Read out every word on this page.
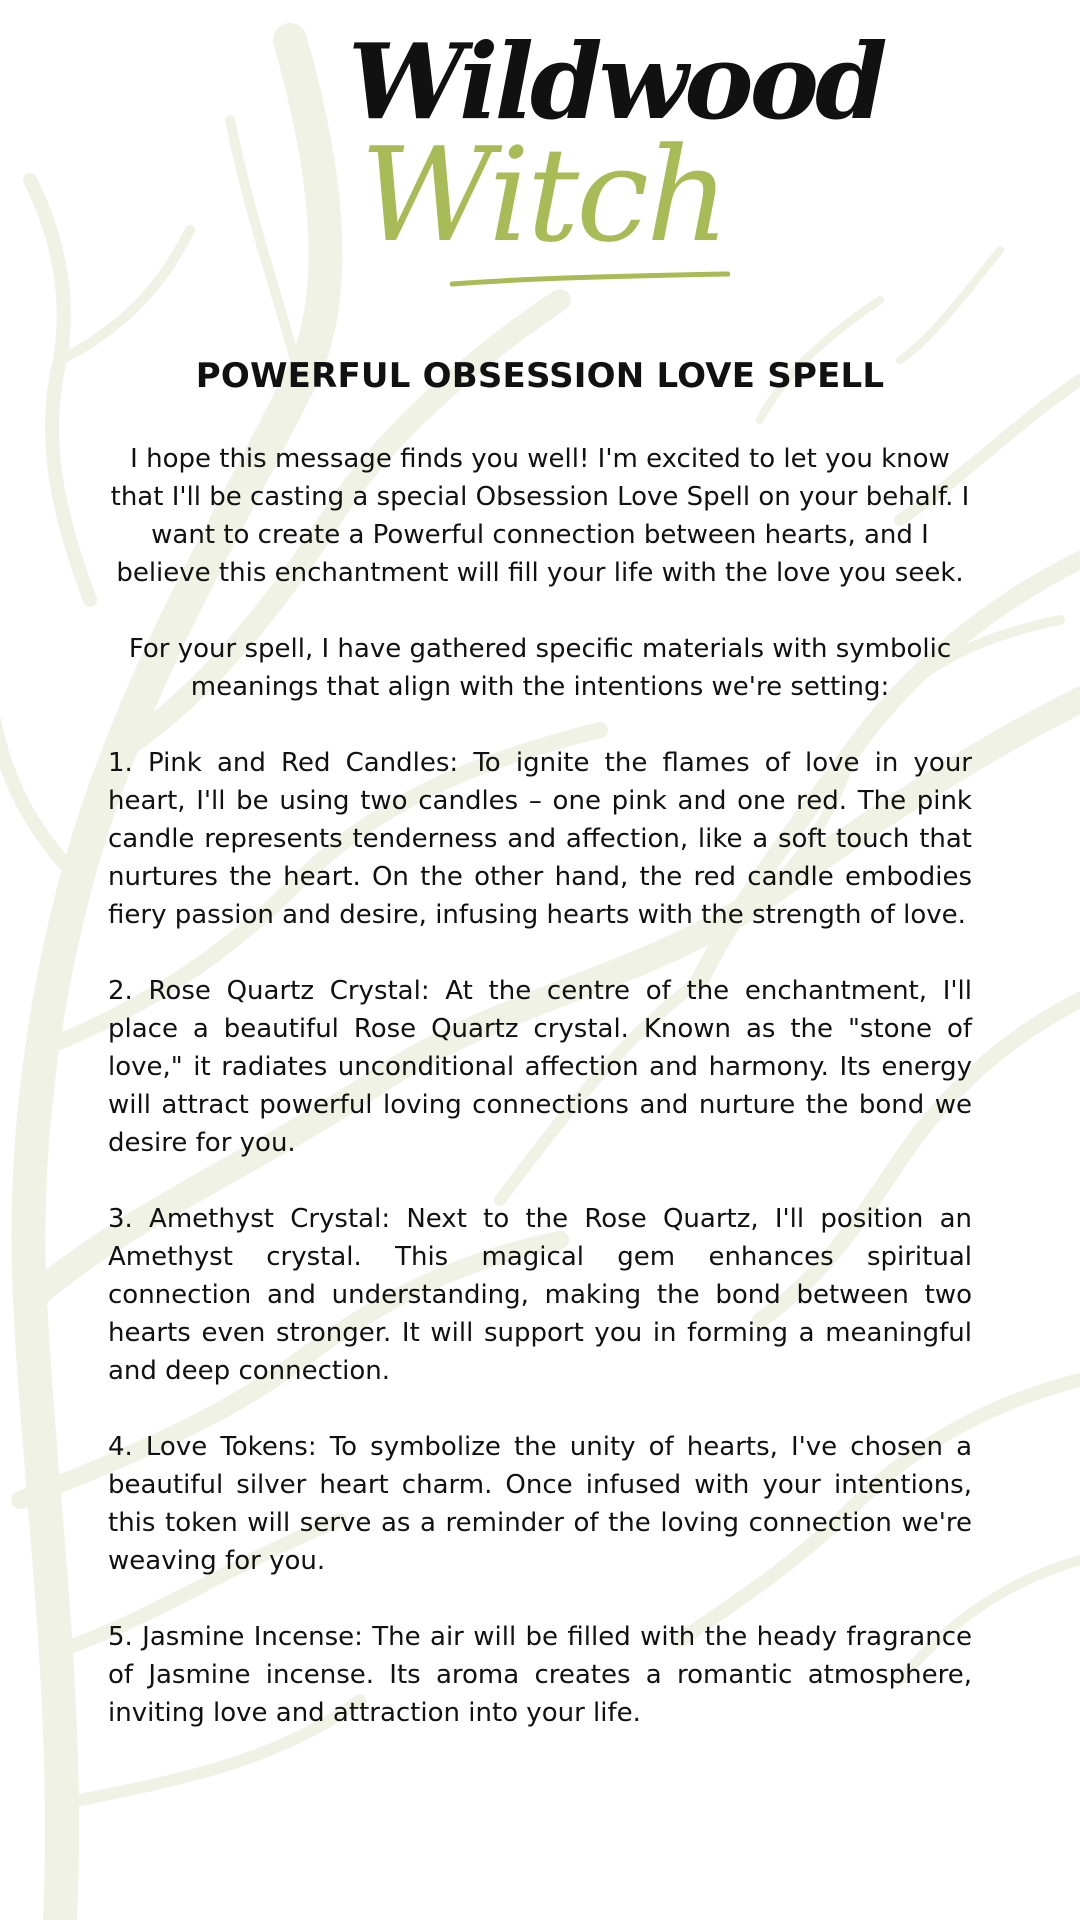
Wildwood
Witch
POWERFUL OBSESSION LOVE SPELL

I hope this message finds you well! I'm excited to let you know that I'll be casting a special Obsession Love Spell on your behalf. I want to create a Powerful connection between hearts, and I believe this enchantment will fill your life with the love you seek.

For your spell, I have gathered specific materials with symbolic meanings that align with the intentions we're setting:

1. Pink and Red Candles: To ignite the flames of love in your heart, I'll be using two candles – one pink and one red. The pink candle represents tenderness and affection, like a soft touch that nurtures the heart. On the other hand, the red candle embodies fiery passion and desire, infusing hearts with the strength of love.

2. Rose Quartz Crystal: At the centre of the enchantment, I'll place a beautiful Rose Quartz crystal. Known as the "stone of love," it radiates unconditional affection and harmony. Its energy will attract powerful loving connections and nurture the bond we desire for you.

3. Amethyst Crystal: Next to the Rose Quartz, I'll position an Amethyst crystal. This magical gem enhances spiritual connection and understanding, making the bond between two hearts even stronger. It will support you in forming a meaningful and deep connection.

4. Love Tokens: To symbolize the unity of hearts, I've chosen a beautiful silver heart charm. Once infused with your intentions, this token will serve as a reminder of the loving connection we're weaving for you.

5. Jasmine Incense: The air will be filled with the heady fragrance of Jasmine incense. Its aroma creates a romantic atmosphere, inviting love and attraction into your life.
